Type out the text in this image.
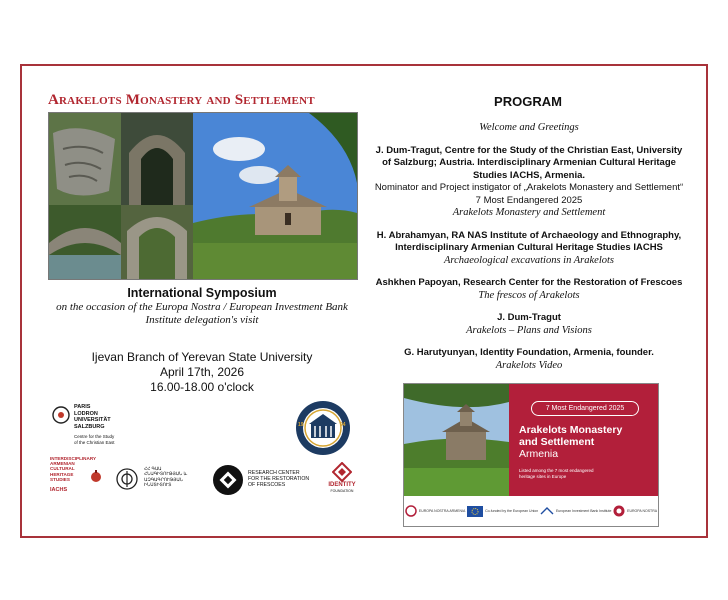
Arakelots Monastery and Settlement
International Symposium
on the occasion of the Europa Nostra / European Investment Bank Institute delegation's visit
Ijevan Branch of Yerevan State University
April 17th, 2026
16.00-18.00 o'clock
PARIS
LODRON
UNIVERSITÄT
SALZBURG
Centre for the Study
of the Christian East
19	94
INTERDISCIPLINARY
ARMENIAN
CULTURAL
HERITAGE
STUDIES
IACHS
ՀՀ ԳԱԱ
ՀՆԱԳԻՏՈՒԹՅԱՆ և
ԱԶԳԱԳՐՈՒԹՅԱՆ
ԻՆՍՏԻՏՈՒՏ
RESEARCH CENTER
FOR THE RESTORATION
OF FRESCOES	IDENTITY
FOUNDATION
PROGRAM
Welcome and Greetings
J. Dum-Tragut, Centre for the Study of the Christian East, University of Salzburg; Austria. Interdisciplinary Armenian Cultural Heritage Studies IACHS, Armenia.
Nominator and Project instigator of „Arakelots Monastery and Settlement“ 7 Most Endangered 2025
Arakelots Monastery and Settlement
H. Abrahamyan, RA NAS Institute of Archaeology and Ethnography, Interdisciplinary Armenian Cultural Heritage Studies IACHS
Archaeological excavations in Arakelots
Ashkhen Papoyan, Research Center for the Restoration of Frescoes
The frescos of Arakelots
J. Dum-Tragut
Arakelots – Plans and Visions
G. Harutyunyan, Identity Foundation, Armenia, founder.
Arakelots Video
7 Most Endangered 2025
Arakelots Monastery
and Settlement
Armenia
Listed among the 7 most endangered heritage sites in Europe
EUROPA NOSTRA ARMENIA	Co-funded by the European Union	European Investment Bank Institute	EUROPA NOSTRA
